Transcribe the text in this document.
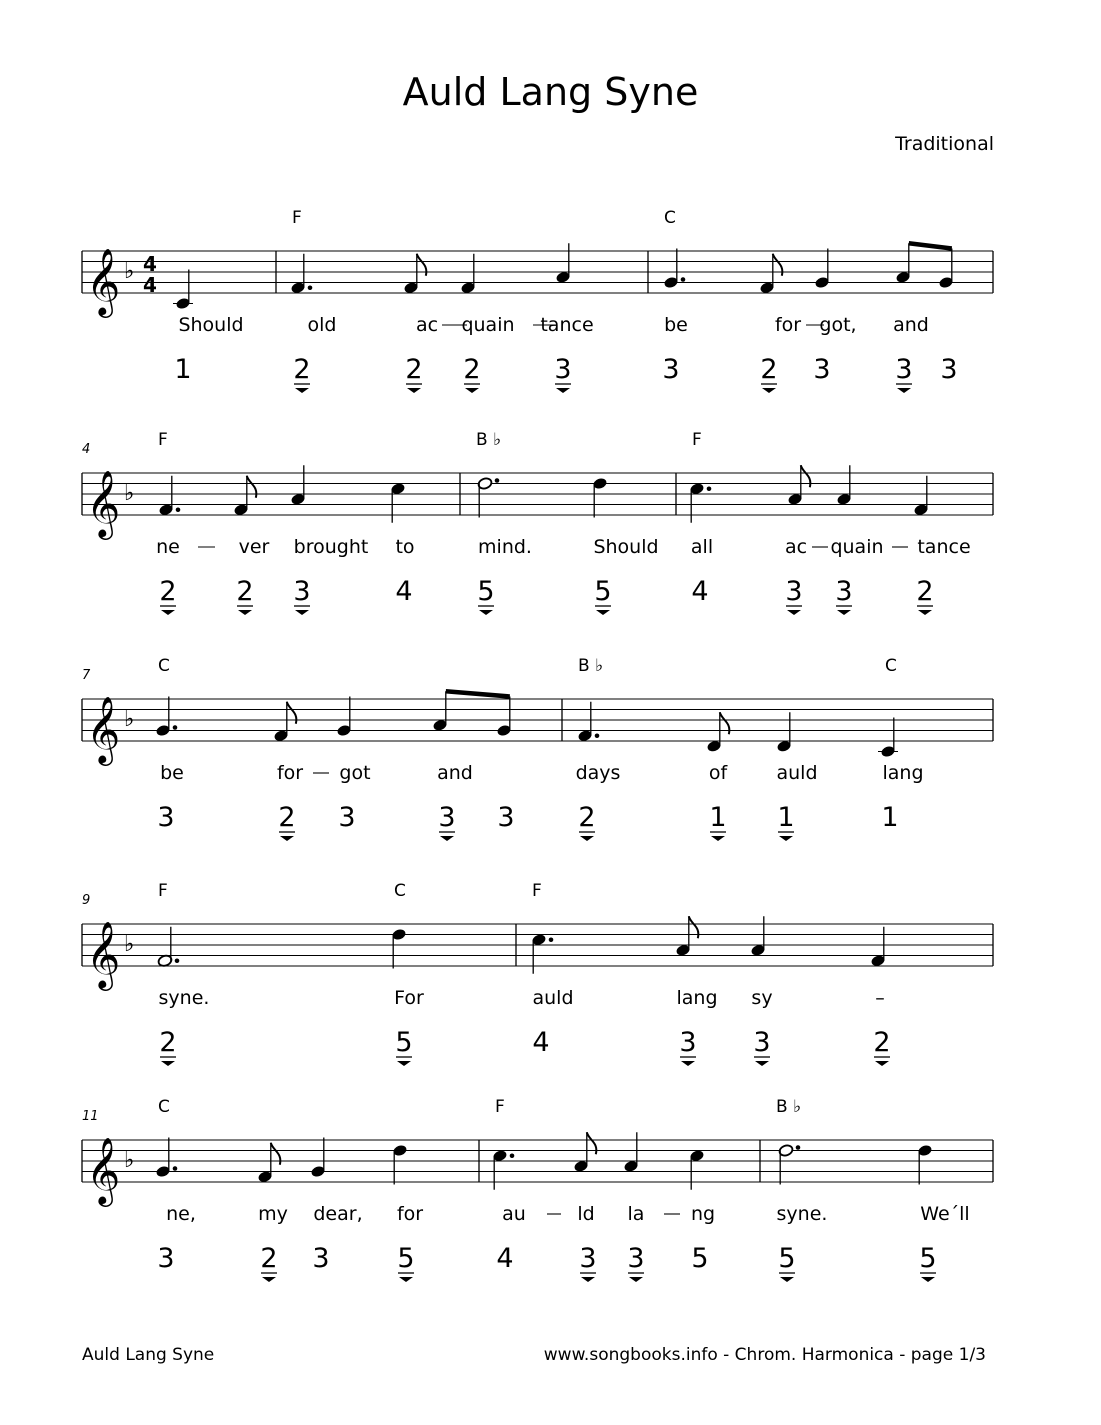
Auld Lang Syne
Traditional
𝄞 ♭ 4
4
F	C
Should	old	ac quain tance	be	for got, and
1	2	2 2	3	3	2 3 3 3
4
𝄞 ♭
F	B ♭	F
ne	ver brought to	mind.	Should all	ac quain tance
2 2 3	4 5	5	4	3 3 2
7
𝄞 ♭
C	B ♭	C
be	for got	and	days	of	auld	lang
3	2 3	3 3 2	1 1	1
9
𝄞 ♭
F	C	F
syne.	For	auld	lang sy	–
2	5	4	3 3	2
11
𝄞 ♭
C	F	B ♭
ne,	my dear, for	au	ld la ng	syne.	We´ll
3	2 3	5	4 3 3 5	5	5
Auld Lang Syne	www.songbooks.info - Chrom. Harmonica - page 1/3
